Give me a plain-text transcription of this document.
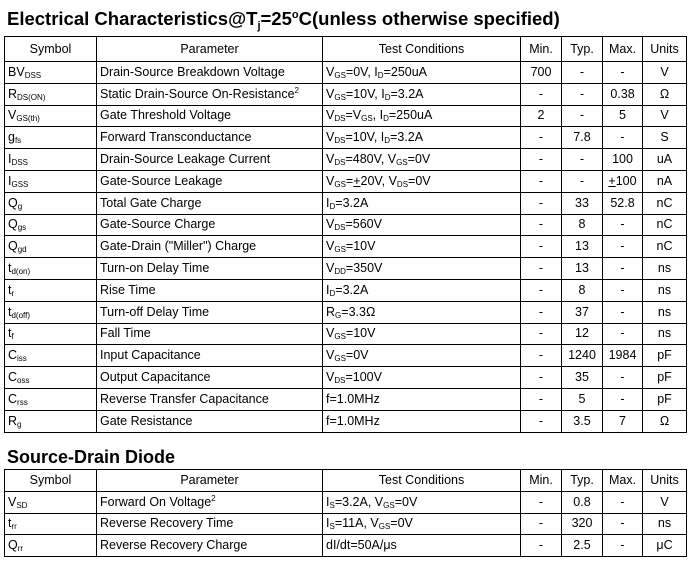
Electrical $Characteristics@T_j=25^oC(unless$ otherwise specified)
Symbol	Parameter	Test Conditions	Min.	Typ.	Max.	Units
$BV_{DSS}$	Drain-Source Breakdown Voltage	$V_{GS}=0V$, $I_D=250uA$	700	-	-	V
$R_{DS(ON)}$	Static Drain-Source On-Resistance$^2$	$V_{GS}=10V$, $I_D=3.2A$	-	-	0.38	Ω
$V_{GS(th)}$	Gate Threshold Voltage	$V_{DS}=V_{GS}$, $I_D=250uA$	2	-	5	V
$g_{fs}$	Forward Transconductance	$V_{DS}=10V$, $I_D=3.2A$	-	7.8	-	S
$I_{DSS}$	Drain-Source Leakage Current	$V_{DS}=480V$, $V_{GS}=0V$	-	-	100	uA
$I_{GSS}$	Gate-Source Leakage	$V_{GS}=+20V$, $V_{DS}=0V$	-	-	+100	nA
$Q_g$	Total Gate Charge	$I_D=3.2A$	-	33	52.8	nC
$Q_{gs}$	Gate-Source Charge	$V_{DS}=560V$	-	8	-	nC
$Q_{gd}$	Gate-Drain ("Miller") Charge	$V_{GS}=10V$	-	13	-	nC
$t_{d(on)}$	Turn-on Delay Time	$V_{DD}=350V$	-	13	-	ns
$t_r$	Rise Time	$I_D=3.2A$	-	8	-	ns
$t_{d(off)}$	Turn-off Delay Time	$R_G=3.3\Omega$	-	37	-	ns
$t_f$	Fall Time	$V_{GS}=10V$	-	12	-	ns
$C_{iss}$	Input Capacitance	$V_{GS}=0V$	-	1240	1984	pF
$C_{oss}$	Output Capacitance	$V_{DS}=100V$	-	35	-	pF
$C_{rss}$	Reverse Transfer Capacitance	f=1.0MHz	-	5	-	pF
$R_g$	Gate Resistance	f=1.0MHz	-	3.5	7	Ω
Source-Drain Diode
Symbol	Parameter	Test Conditions	Min.	Typ.	Max.	Units
$V_{SD}$	Forward On Voltage$^2$	$I_S=3.2A$, $V_{GS}=0V$	-	0.8	-	V
$t_{rr}$	Reverse Recovery Time	$I_S=11A$, $V_{GS}=0V$	-	320	-	ns
$Q_{rr}$	Reverse Recovery Charge	dI/dt=50A/μs	-	2.5	-	μC
